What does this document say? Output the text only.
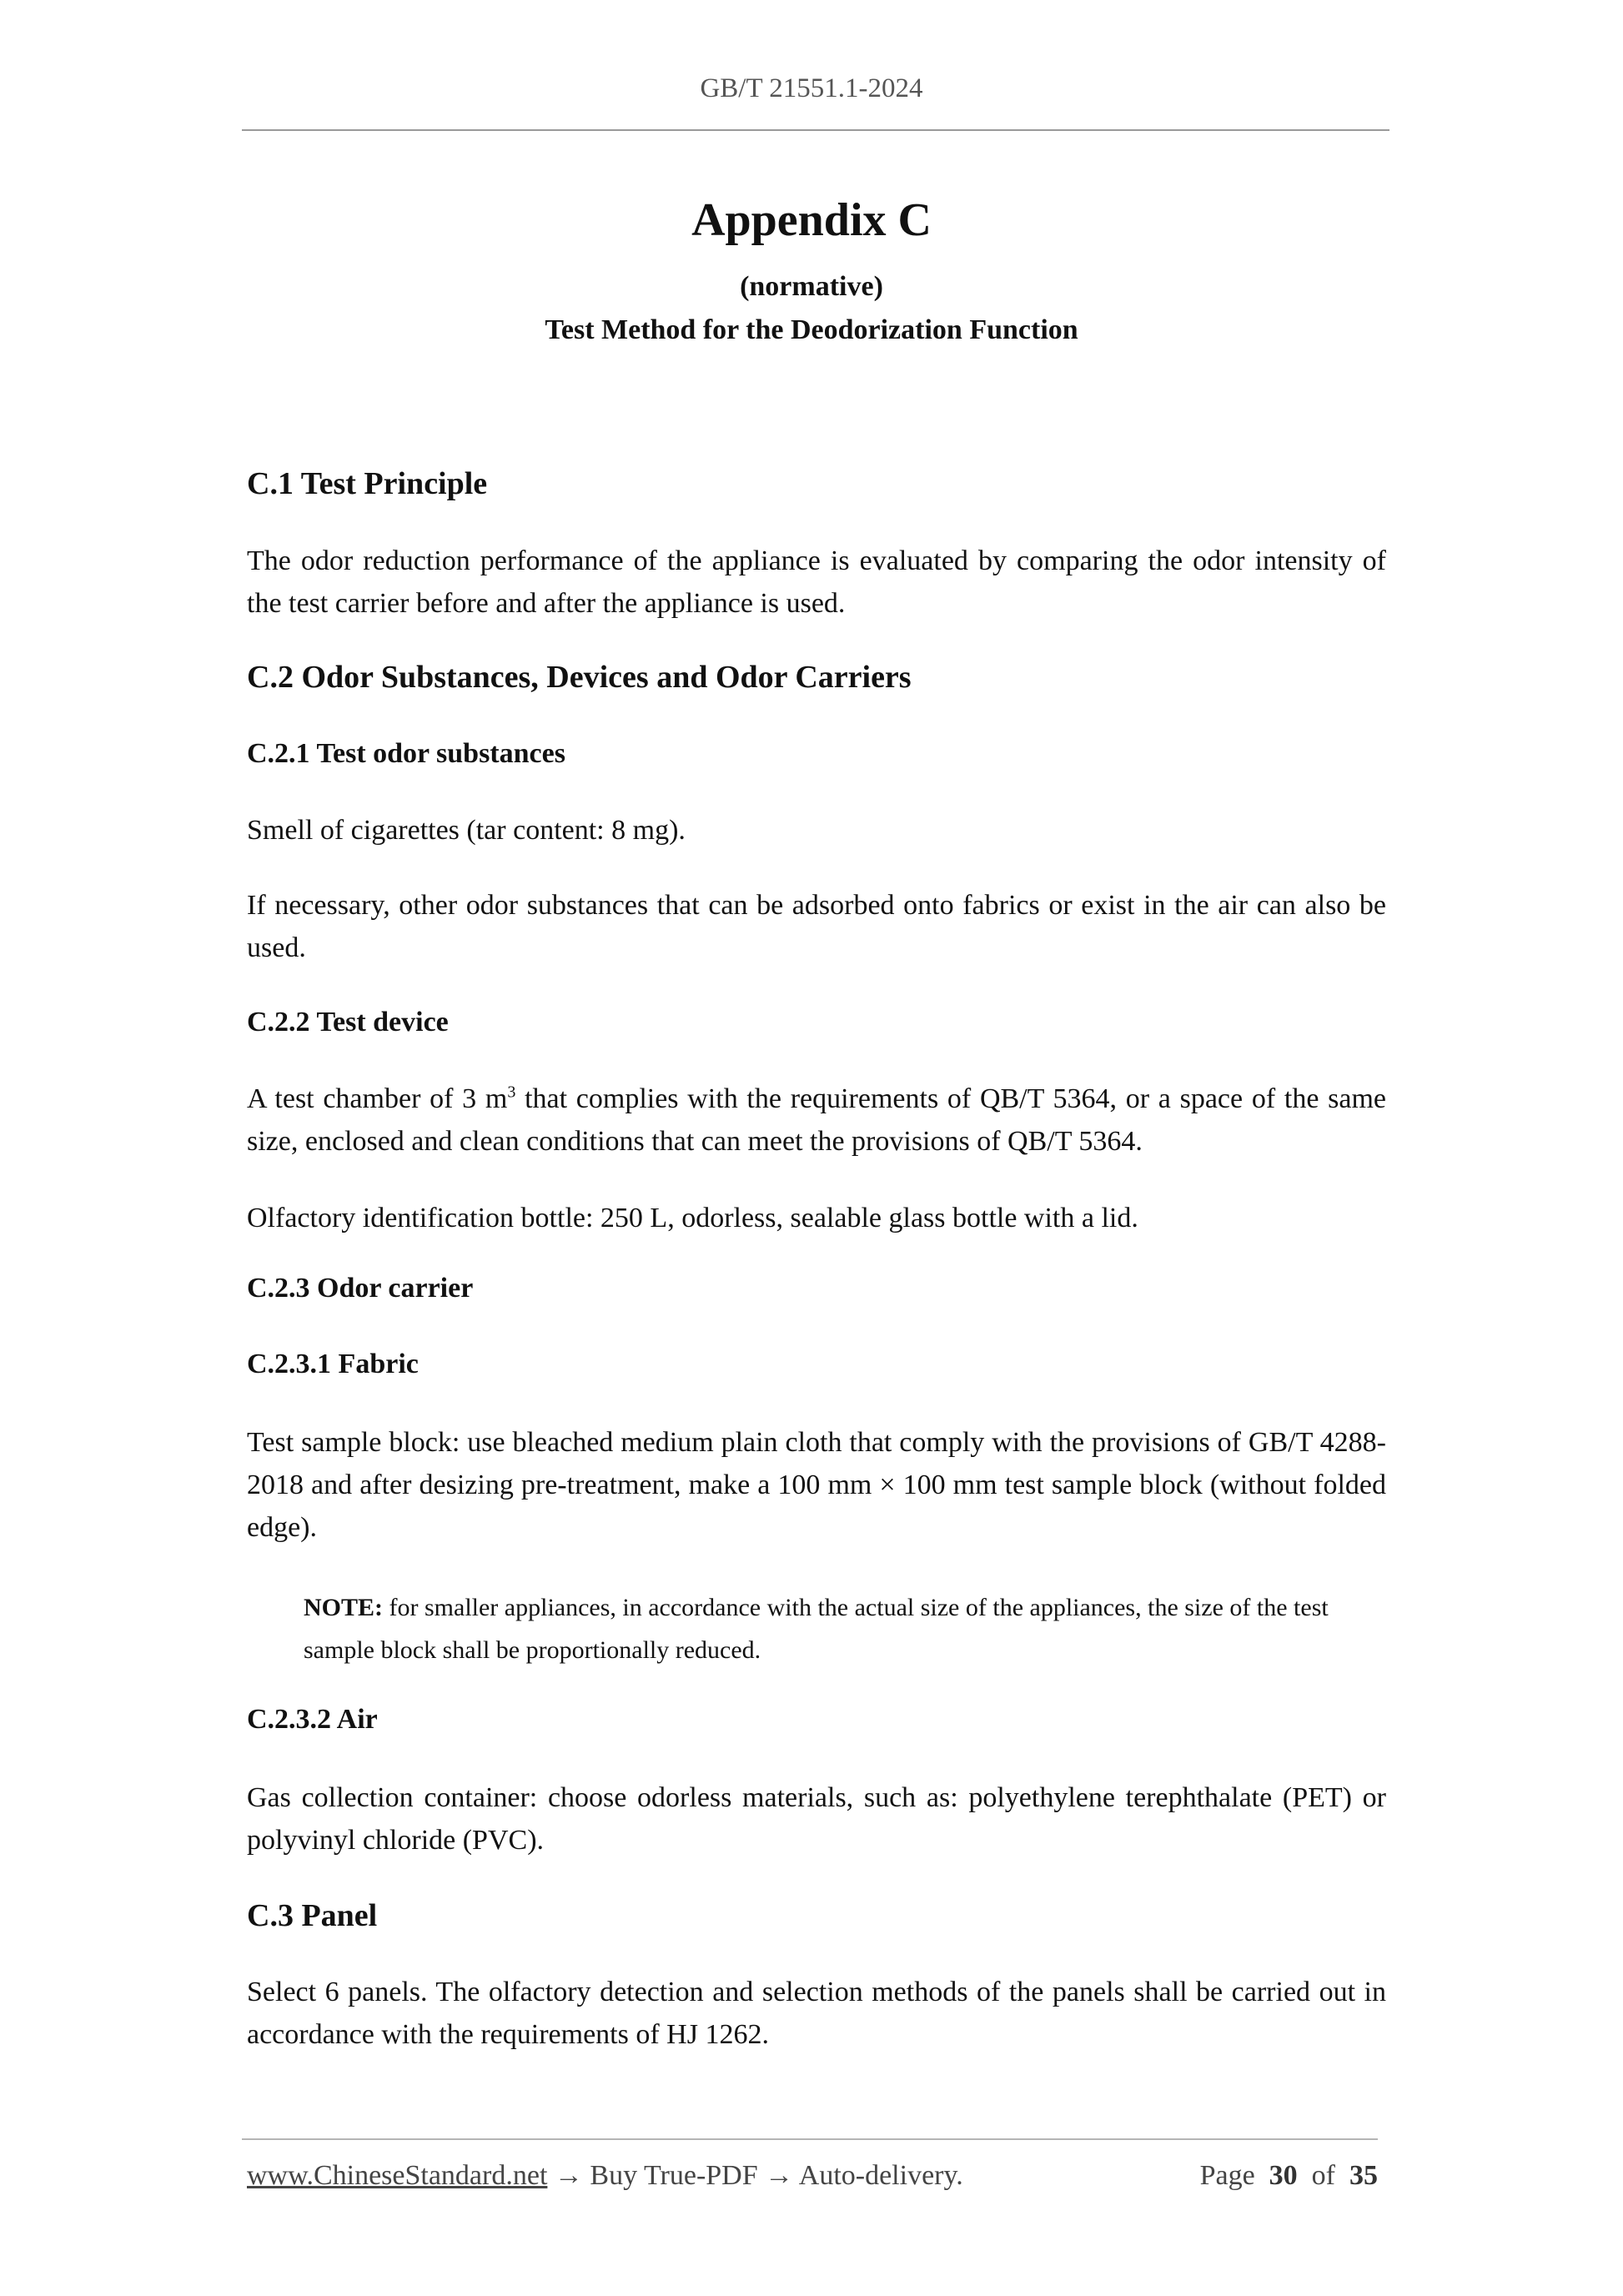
GB/T 21551.1-2024
Appendix C
(normative)
Test Method for the Deodorization Function
C.1 Test Principle
The odor reduction performance of the appliance is evaluated by comparing the odor intensity of the test carrier before and after the appliance is used.
C.2 Odor Substances, Devices and Odor Carriers
C.2.1 Test odor substances
Smell of cigarettes (tar content: 8 mg).
If necessary, other odor substances that can be adsorbed onto fabrics or exist in the air can also be used.
C.2.2 Test device
A test chamber of 3 $m^3$ that complies with the requirements of QB/T 5364, or a space of the same size, enclosed and clean conditions that can meet the provisions of QB/T 5364.
Olfactory identification bottle: 250 L, odorless, sealable glass bottle with a lid.
C.2.3 Odor carrier
C.2.3.1 Fabric
Test sample block: use bleached medium plain cloth that comply with the provisions of GB/T 4288-2018 and after desizing pre-treatment, make a 100 mm × 100 mm test sample block (without folded edge).
NOTE: for smaller appliances, in accordance with the actual size of the appliances, the size of the test sample block shall be proportionally reduced.
C.2.3.2 Air
Gas collection container: choose odorless materials, such as: polyethylene terephthalate (PET) or polyvinyl chloride (PVC).
C.3 Panel
Select 6 panels. The olfactory detection and selection methods of the panels shall be carried out in accordance with the requirements of HJ 1262.
www.ChineseStandard.net → Buy True-PDF → Auto-delivery.	Page 30 of 35
